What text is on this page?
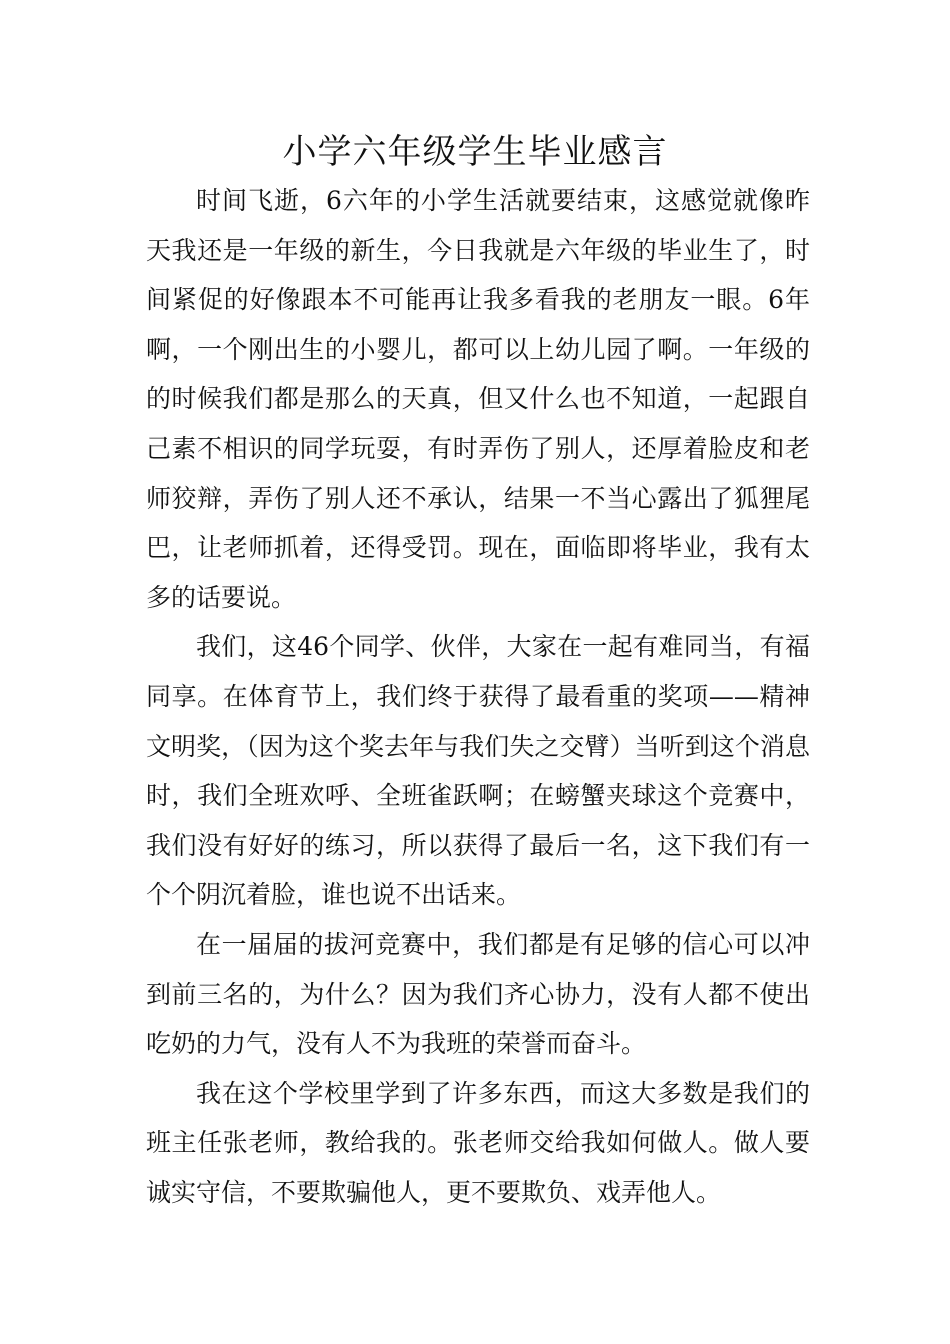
小学六年级学生毕业感言

时间飞逝，6六年的小学生活就要结束，这感觉就像昨天我还是一年级的新生，今日我就是六年级的毕业生了，时间紧促的好像跟本不可能再让我多看我的老朋友一眼。6年啊，一个刚出生的小婴儿，都可以上幼儿园了啊。一年级的的时候我们都是那么的天真，但又什么也不知道，一起跟自己素不相识的同学玩耍，有时弄伤了别人，还厚着脸皮和老师狡辩，弄伤了别人还不承认，结果一不当心露出了狐狸尾巴，让老师抓着，还得受罚。现在，面临即将毕业，我有太多的话要说。

我们，这46个同学、伙伴，大家在一起有难同当，有福同享。在体育节上，我们终于获得了最看重的奖项——精神文明奖，（因为这个奖去年与我们失之交臂）当听到这个消息时，我们全班欢呼、全班雀跃啊；在螃蟹夹球这个竞赛中，我们没有好好的练习，所以获得了最后一名，这下我们有一个个阴沉着脸，谁也说不出话来。

在一届届的拔河竞赛中，我们都是有足够的信心可以冲到前三名的，为什么？因为我们齐心协力，没有人都不使出吃奶的力气，没有人不为我班的荣誉而奋斗。

我在这个学校里学到了许多东西，而这大多数是我们的班主任张老师，教给我的。张老师交给我如何做人。做人要诚实守信，不要欺骗他人，更不要欺负、戏弄他人。
